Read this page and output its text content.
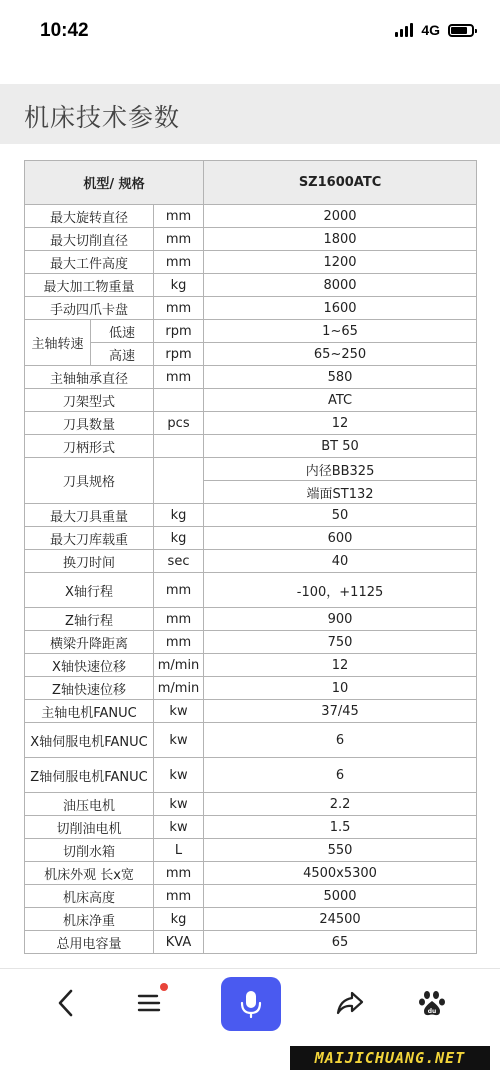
10:42	4G
机床技术参数
机型/ 规格			SZ1600ATC
最大旋转直径		mm	2000
最大切削直径		mm	1800
最大工件高度		mm	1200
最大加工物重量		kg	8000
手动四爪卡盘		mm	1600
主轴转速	低速	rpm	1~65
	高速	rpm	65~250
主轴轴承直径		mm	580
刀架型式			ATC
刀具数量		pcs	12
刀柄形式			BT 50
刀具规格			内径BB325
			端面ST132
最大刀具重量		kg	50
最大刀库载重		kg	600
换刀时间		sec	40
X轴行程		mm	-100，+1125
Z轴行程		mm	900
横梁升降距离		mm	750
X轴快速位移		m/min	12
Z轴快速位移		m/min	10
主轴电机FANUC		kw	37/45
X轴伺服电机FANUC		kw	6
Z轴伺服电机FANUC		kw	6
油压电机		kw	2.2
切削油电机		kw	1.5
切削水箱		L	550
机床外观 长x宽		mm	4500x5300
机床高度		mm	5000
机床净重		kg	24500
总用电容量		KVA	65
du
MAIJICHUANG.NET
